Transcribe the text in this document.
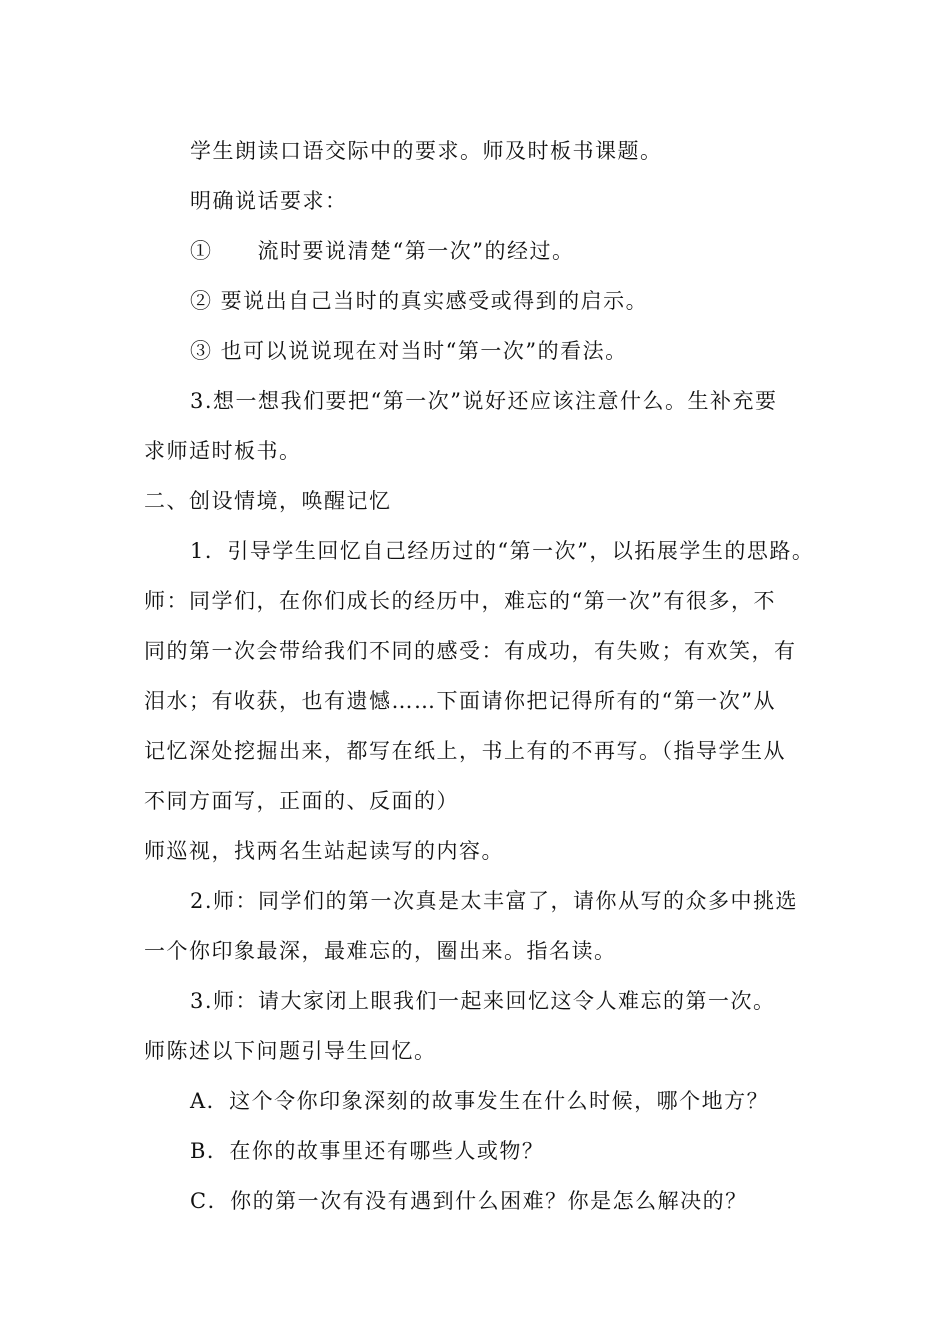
学生朗读口语交际中的要求。师及时板书课题。
明确说话要求：
①　　流时要说清楚“第一次”的经过。
② 要说出自己当时的真实感受或得到的启示。
③ 也可以说说现在对当时“第一次”的看法。
3.想一想我们要把“第一次”说好还应该注意什么。生补充要
求师适时板书。
二、创设情境，唤醒记忆
1．引导学生回忆自己经历过的“第一次”，以拓展学生的思路。
师：同学们，在你们成长的经历中，难忘的“第一次”有很多，不
同的第一次会带给我们不同的感受：有成功，有失败；有欢笑，有
泪水；有收获，也有遗憾……下面请你把记得所有的“第一次”从
记忆深处挖掘出来，都写在纸上，书上有的不再写。（指导学生从
不同方面写，正面的、反面的）
师巡视，找两名生站起读写的内容。
2.师：同学们的第一次真是太丰富了，请你从写的众多中挑选
一个你印象最深，最难忘的，圈出来。指名读。
3.师：请大家闭上眼我们一起来回忆这令人难忘的第一次。
师陈述以下问题引导生回忆。
A．这个令你印象深刻的故事发生在什么时候，哪个地方？
B．在你的故事里还有哪些人或物？
C．你的第一次有没有遇到什么困难？你是怎么解决的？
